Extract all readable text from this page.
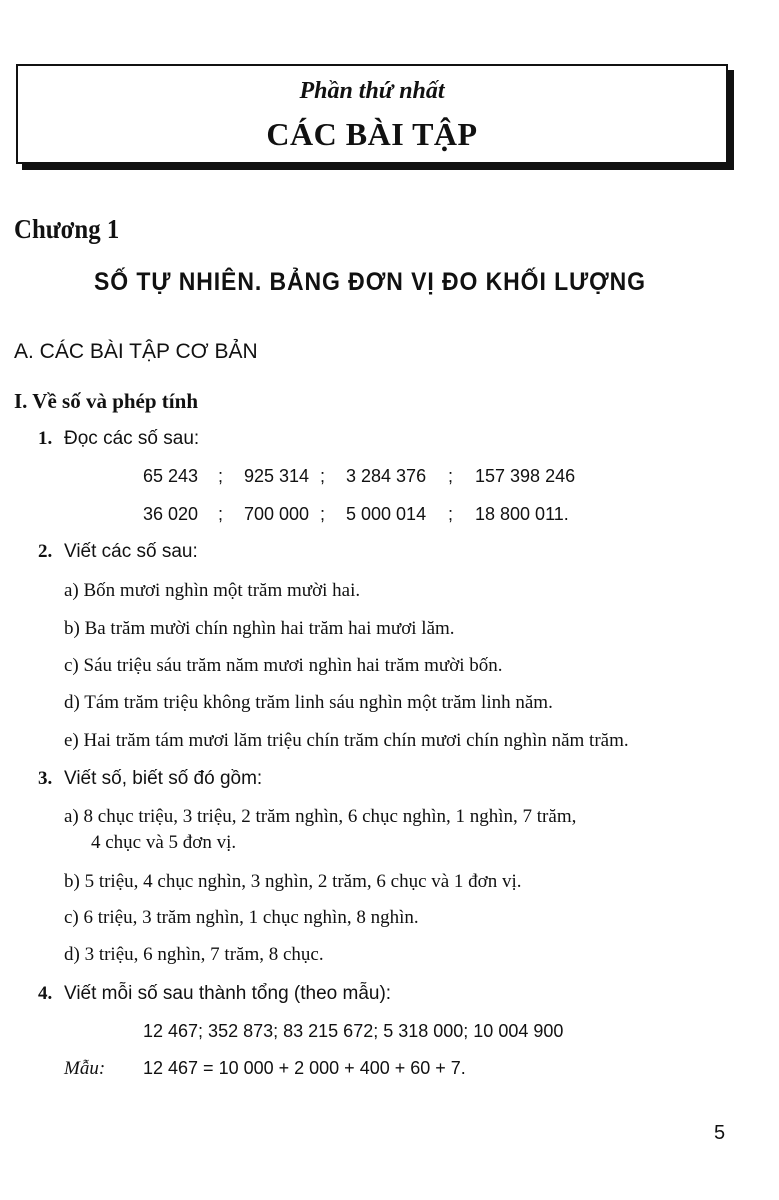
Phần thứ nhất
CÁC BÀI TẬP
Chương 1
SỐ TỰ NHIÊN. BẢNG ĐƠN VỊ ĐO KHỐI LƯỢNG
A. CÁC BÀI TẬP CƠ BẢN
I. Về số và phép tính
1. Đọc các số sau:
65 243 ; 925 314 ; 3 284 376 ; 157 398 246
36 020 ; 700 000 ; 5 000 014 ; 18 800 011.
2. Viết các số sau:
a) Bốn mươi nghìn một trăm mười hai.
b) Ba trăm mười chín nghìn hai trăm hai mươi lăm.
c) Sáu triệu sáu trăm năm mươi nghìn hai trăm mười bốn.
d) Tám trăm triệu không trăm linh sáu nghìn một trăm linh năm.
e) Hai trăm tám mươi lăm triệu chín trăm chín mươi chín nghìn năm trăm.
3. Viết số, biết số đó gồm:
a) 8 chục triệu, 3 triệu, 2 trăm nghìn, 6 chục nghìn, 1 nghìn, 7 trăm,
4 chục và 5 đơn vị.
b) 5 triệu, 4 chục nghìn, 3 nghìn, 2 trăm, 6 chục và 1 đơn vị.
c) 6 triệu, 3 trăm nghìn, 1 chục nghìn, 8 nghìn.
d) 3 triệu, 6 nghìn, 7 trăm, 8 chục.
4. Viết mỗi số sau thành tổng (theo mẫu):
12 467; 352 873; 83 215 672; 5 318 000; 10 004 900
Mẫu: 12 467 = 10 000 + 2 000 + 400 + 60 + 7.
5
